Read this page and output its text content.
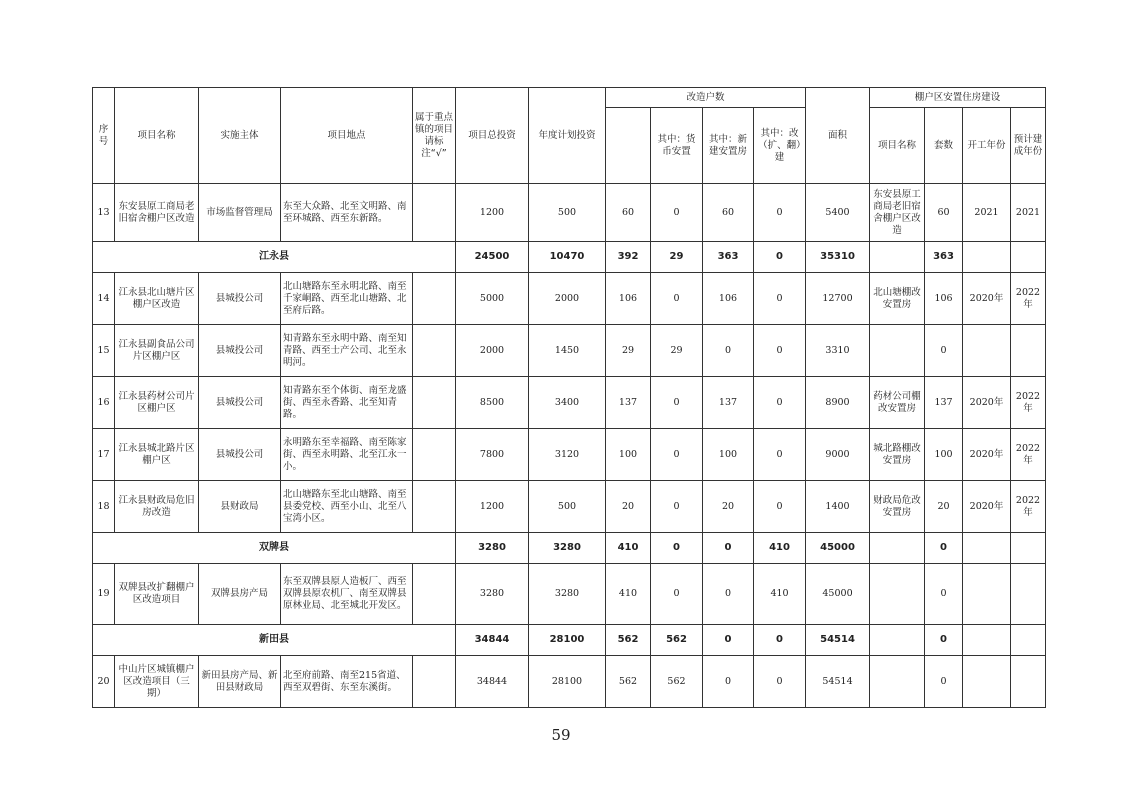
序号	项目名称	实施主体	项目地点	属于重点镇的项目请标注“√”	项目总投资	年度计划投资	改造户数				面积	棚户区安置住房建设			
								其中：货币安置	其中：新建安置房	其中：改（扩、翻）建		项目名称	套数	开工年份	预计建成年份
13	东安县原工商局老旧宿舍棚户区改造	市场监督管理局	东至大众路、北至文明路、南至环城路、西至东新路。		1200	500	60	0	60	0	5400	东安县原工商局老旧宿舍棚户区改造	60	2021	2021
江永县					24500	10470	392	29	363	0	35310		363		
14	江永县北山塘片区棚户区改造	县城投公司	北山塘路东至永明北路、南至千家峒路、西至北山塘路、北至府后路。		5000	2000	106	0	106	0	12700	北山塘棚改安置房	106	2020年	2022年
15	江永县副食品公司片区棚户区	县城投公司	知青路东至永明中路、南至知青路、西至士产公司、北至永明河。		2000	1450	29	29	0	0	3310		0		
16	江永县药材公司片区棚户区	县城投公司	知青路东至个体街、南至龙盛街、西至永香路、北至知青路。		8500	3400	137	0	137	0	8900	药材公司棚改安置房	137	2020年	2022年
17	江永县城北路片区棚户区	县城投公司	永明路东至幸福路、南至陈家街、西至永明路、北至江永一小。		7800	3120	100	0	100	0	9000	城北路棚改安置房	100	2020年	2022年
18	江永县财政局危旧房改造	县财政局	北山塘路东至北山塘路、南至县委党校、西至小山、北至八宝湾小区。		1200	500	20	0	20	0	1400	财政局危改安置房	20	2020年	2022年
双牌县					3280	3280	410	0	0	410	45000		0		
19	双牌县改扩翻棚户区改造项目	双牌县房产局	东至双牌县原人造板厂、西至双牌县原农机厂、南至双牌县原林业局、北至城北开发区。		3280	3280	410	0	0	410	45000		0		
新田县					34844	28100	562	562	0	0	54514		0		
20	中山片区城镇棚户区改造项目（三期）	新田县房产局、新田县财政局	北至府前路、南至215省道、西至双碧街、东至东溪街。		34844	28100	562	562	0	0	54514		0		
59
